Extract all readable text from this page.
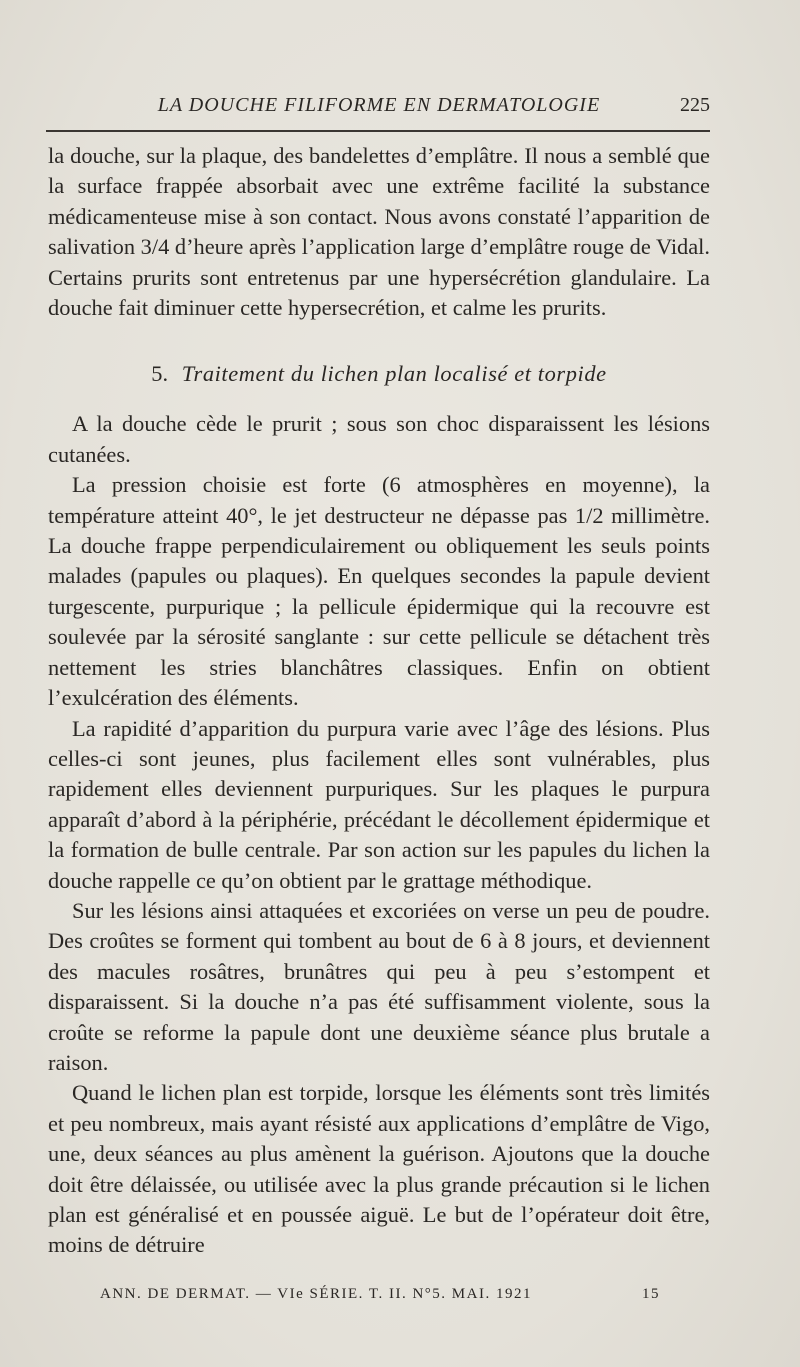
LA DOUCHE FILIFORME EN DERMATOLOGIE	225

la douche, sur la plaque, des bandelettes d’emplâtre. Il nous a semblé que la surface frappée absorbait avec une extrême facilité la substance médicamenteuse mise à son contact. Nous avons constaté l’apparition de salivation 3/4 d’heure après l’application large d’emplâtre rouge de Vidal. Certains prurits sont entretenus par une hypersécrétion glandulaire. La douche fait diminuer cette hypersecrétion, et calme les prurits.

5. Traitement du lichen plan localisé et torpide

A la douche cède le prurit ; sous son choc disparaissent les lésions cutanées.

La pression choisie est forte (6 atmosphères en moyenne), la température atteint 40°, le jet destructeur ne dépasse pas 1/2 millimètre. La douche frappe perpendiculairement ou obliquement les seuls points malades (papules ou plaques). En quelques secondes la papule devient turgescente, purpurique ; la pellicule épidermique qui la recouvre est soulevée par la sérosité sanglante : sur cette pellicule se détachent très nettement les stries blanchâtres classiques. Enfin on obtient l’exulcération des éléments.

La rapidité d’apparition du purpura varie avec l’âge des lésions. Plus celles-ci sont jeunes, plus facilement elles sont vulnérables, plus rapidement elles deviennent purpuriques. Sur les plaques le purpura apparaît d’abord à la périphérie, précédant le décollement épidermique et la formation de bulle centrale. Par son action sur les papules du lichen la douche rappelle ce qu’on obtient par le grattage méthodique.

Sur les lésions ainsi attaquées et excoriées on verse un peu de poudre. Des croûtes se forment qui tombent au bout de 6 à 8 jours, et deviennent des macules rosâtres, brunâtres qui peu à peu s’estompent et disparaissent. Si la douche n’a pas été suffisamment violente, sous la croûte se reforme la papule dont une deuxième séance plus brutale a raison.

Quand le lichen plan est torpide, lorsque les éléments sont très limités et peu nombreux, mais ayant résisté aux applications d’emplâtre de Vigo, une, deux séances au plus amènent la guérison. Ajoutons que la douche doit être délaissée, ou utilisée avec la plus grande précaution si le lichen plan est généralisé et en poussée aiguë. Le but de l’opérateur doit être, moins de détruire

ANN. DE DERMAT. — VIe SÉRIE. T. II. N°5. MAI. 1921	15
